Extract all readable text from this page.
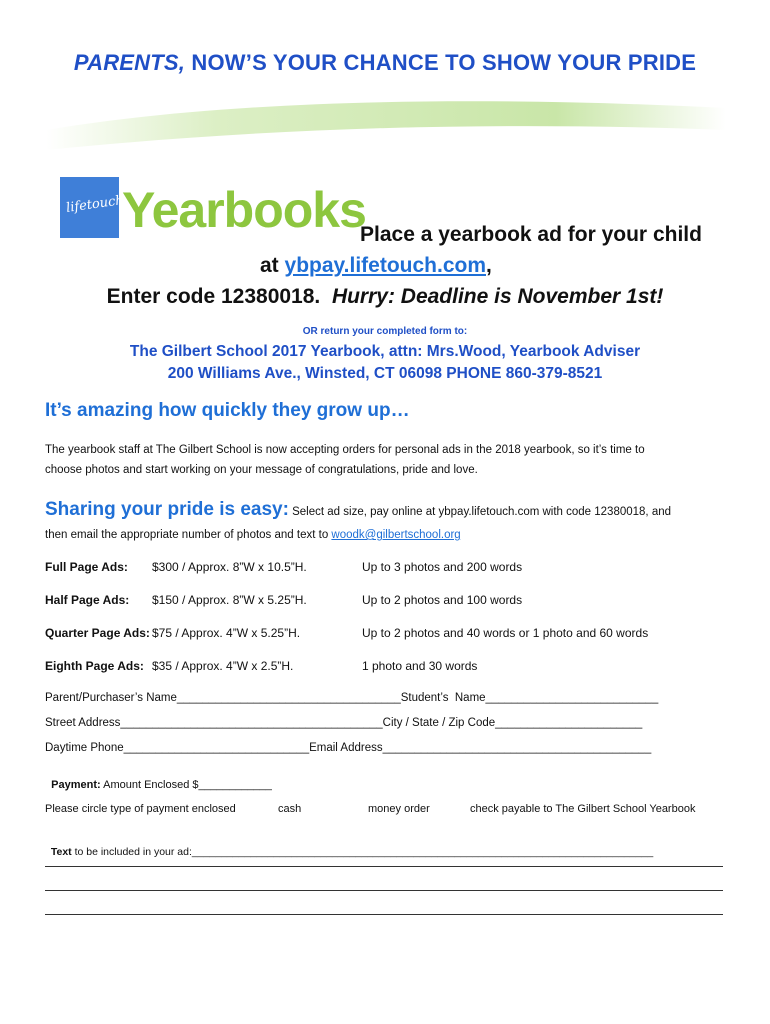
PARENTS, NOW’S YOUR CHANCE TO SHOW YOUR PRIDE
lifetouch
Yearbooks
Place a yearbook ad for your child
at ybpay.lifetouch.com,
Enter code 12380018. Hurry: Deadline is November 1st!
OR return your completed form to:
The Gilbert School 2017 Yearbook, attn: Mrs.Wood, Yearbook Adviser
200 Williams Ave., Winsted, CT 06098 PHONE 860-379-8521
It’s amazing how quickly they grow up…
The yearbook staff at The Gilbert School is now accepting orders for personal ads in the 2018 yearbook, so it’s time to
choose photos and start working on your message of congratulations, pride and love.
Sharing your pride is easy: Select ad size, pay online at ybpay.lifetouch.com with code 12380018, and
then email the appropriate number of photos and text to woodk@gilbertschool.org
Full Page Ads: $300 / Approx. 8”W x 10.5”H.	Up to 3 photos and 200 words
Half Page Ads: $150 / Approx. 8”W x 5.25”H.	Up to 2 photos and 100 words
Quarter Page Ads: $75 / Approx. 4”W x 5.25”H.	Up to 2 photos and 40 words or 1 photo and 60 words
Eighth Page Ads: $35 / Approx. 4”W x 2.5”H.	1 photo and 30 words
Parent/Purchaser’s Name___________________________________Student’s  Name___________________________
Street Address_________________________________________City / State / Zip Code_______________________
Daytime Phone_____________________________Email Address__________________________________________

Payment: Amount Enclosed $____________

Please circle type of payment enclosed	cash	money order	check payable to The Gilbert School Yearbook

Text to be included in your ad:_______________________________________________________________________________
